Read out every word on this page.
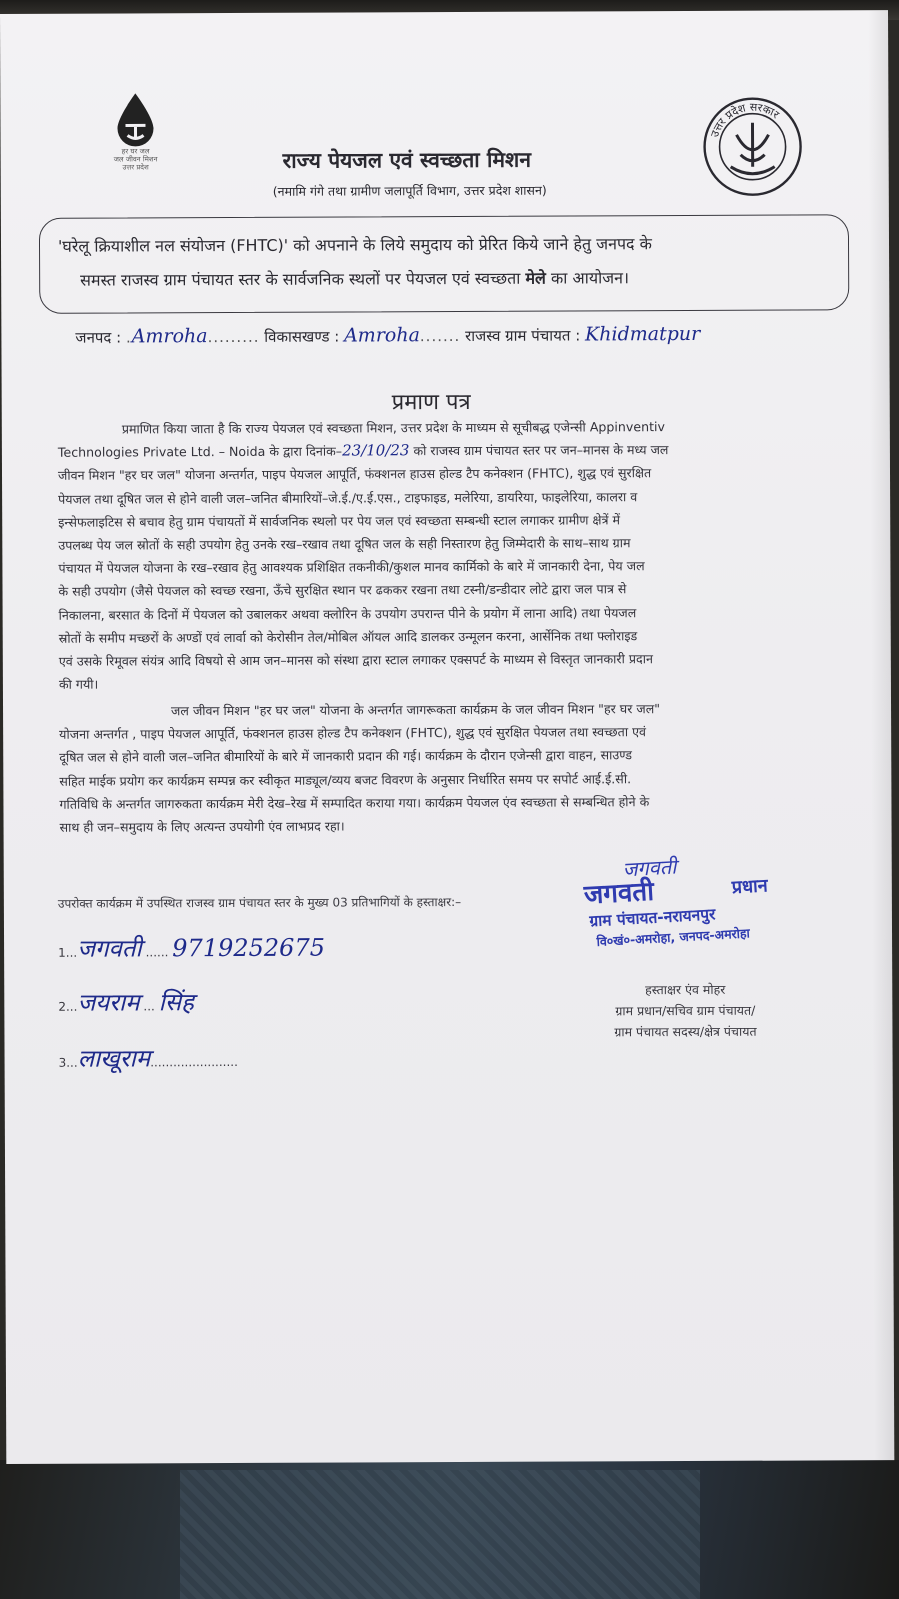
हर घर जल
जल जीवन मिशन
उत्तर प्रदेश
उत्तर प्रदेश सरकार
राज्य पेयजल एवं स्वच्छता मिशन
(नमामि गंगे तथा ग्रामीण जलापूर्ति विभाग, उत्तर प्रदेश शासन)
'घरेलू क्रियाशील नल संयोजन (FHTC)' को अपनाने के लिये समुदाय को प्रेरित किये जाने हेतु जनपद के
समस्त राजस्व ग्राम पंचायत स्तर के सार्वजनिक स्थलों पर पेयजल एवं स्वच्छता मेले का आयोजन।
जनपद : .Amroha......... विकासखण्ड : Amroha....... राजस्व ग्राम पंचायत : Khidmatpur
प्रमाण पत्र
प्रमाणित किया जाता है कि राज्य पेयजल एवं स्वच्छता मिशन, उत्तर प्रदेश के माध्यम से सूचीबद्ध एजेन्सी Appinventiv
Technologies Private Ltd. – Noida के द्वारा दिनांक–23/10/23 को राजस्व ग्राम पंचायत स्तर पर जन–मानस के मध्य जल
जीवन मिशन "हर घर जल" योजना अन्तर्गत, पाइप पेयजल आपूर्ति, फंक्शनल हाउस होल्ड टैप कनेक्शन (FHTC), शुद्ध एवं सुरक्षित
पेयजल तथा दूषित जल से होने वाली जल–जनित बीमारियों–जे.ई./ए.ई.एस., टाइफाइड, मलेरिया, डायरिया, फाइलेरिया, कालरा व
इन्सेफलाइटिस से बचाव हेतु ग्राम पंचायतों में सार्वजनिक स्थलो पर पेय जल एवं स्वच्छता सम्बन्धी स्टाल लगाकर ग्रामीण क्षेत्रें में
उपलब्ध पेय जल स्रोतों के सही उपयोग हेतु उनके रख–रखाव तथा दूषित जल के सही निस्तारण हेतु जिम्मेदारी के साथ–साथ ग्राम
पंचायत में पेयजल योजना के रख–रखाव हेतु आवश्यक प्रशिक्षित तकनीकी/कुशल मानव कार्मिको के बारे में जानकारी देना, पेय जल
के सही उपयोग (जैसे पेयजल को स्वच्छ रखना, ऊँचे सुरक्षित स्थान पर ढककर रखना तथा टस्नी/डन्डीदार लोटे द्वारा जल पात्र से
निकालना, बरसात के दिनों में पेयजल को उबालकर अथवा क्लोरिन के उपयोग उपरान्त पीने के प्रयोग में लाना आदि) तथा पेयजल
स्रोतों के समीप मच्छरों के अण्डों एवं लार्वा को केरोसीन तेल/मोबिल ऑयल आदि डालकर उन्मूलन करना, आर्सेनिक तथा फ्लोराइड
एवं उसके रिमूवल संयंत्र आदि विषयो से आम जन–मानस को संस्था द्वारा स्टाल लगाकर एक्सपर्ट के माध्यम से विस्तृत जानकारी प्रदान
की गयी।
जल जीवन मिशन "हर घर जल" योजना के अन्तर्गत जागरूकता कार्यक्रम के जल जीवन मिशन "हर घर जल"
योजना अन्तर्गत , पाइप पेयजल आपूर्ति, फंक्शनल हाउस होल्ड टैप कनेक्शन (FHTC), शुद्ध एवं सुरक्षित पेयजल तथा स्वच्छता एवं
दूषित जल से होने वाली जल–जनित बीमारियों के बारे में जानकारी प्रदान की गई। कार्यक्रम के दौरान एजेन्सी द्वारा वाहन, साउण्ड
सहित माईक प्रयोग कर कार्यक्रम सम्पन्न कर स्वीकृत माड्यूल/व्यय बजट विवरण के अनुसार निर्धारित समय पर सपोर्ट आई.ई.सी.
गतिविधि के अन्तर्गत जागरुकता कार्यक्रम मेरी देख–रेख में सम्पादित कराया गया। कार्यक्रम पेयजल एंव स्वच्छता से सम्बन्धित होने के
साथ ही जन–समुदाय के लिए अत्यन्त उपयोगी एंव लाभप्रद रहा।
जगवती
जगवती	प्रधान
ग्राम पंचायत-नरायनपुर
वि०खं०-अमरोहा, जनपद-अमरोहा
उपरोक्त कार्यक्रम में उपस्थित राजस्व ग्राम पंचायत स्तर के मुख्य 03 प्रतिभागियों के हस्ताक्षर:–
1...जगवती ...... 9719252675
2...जयराम ... सिंह
3...लाखूराम.......................
हस्ताक्षर एंव मोहर
ग्राम प्रधान/सचिव ग्राम पंचायत/
ग्राम पंचायत सदस्य/क्षेत्र पंचायत
